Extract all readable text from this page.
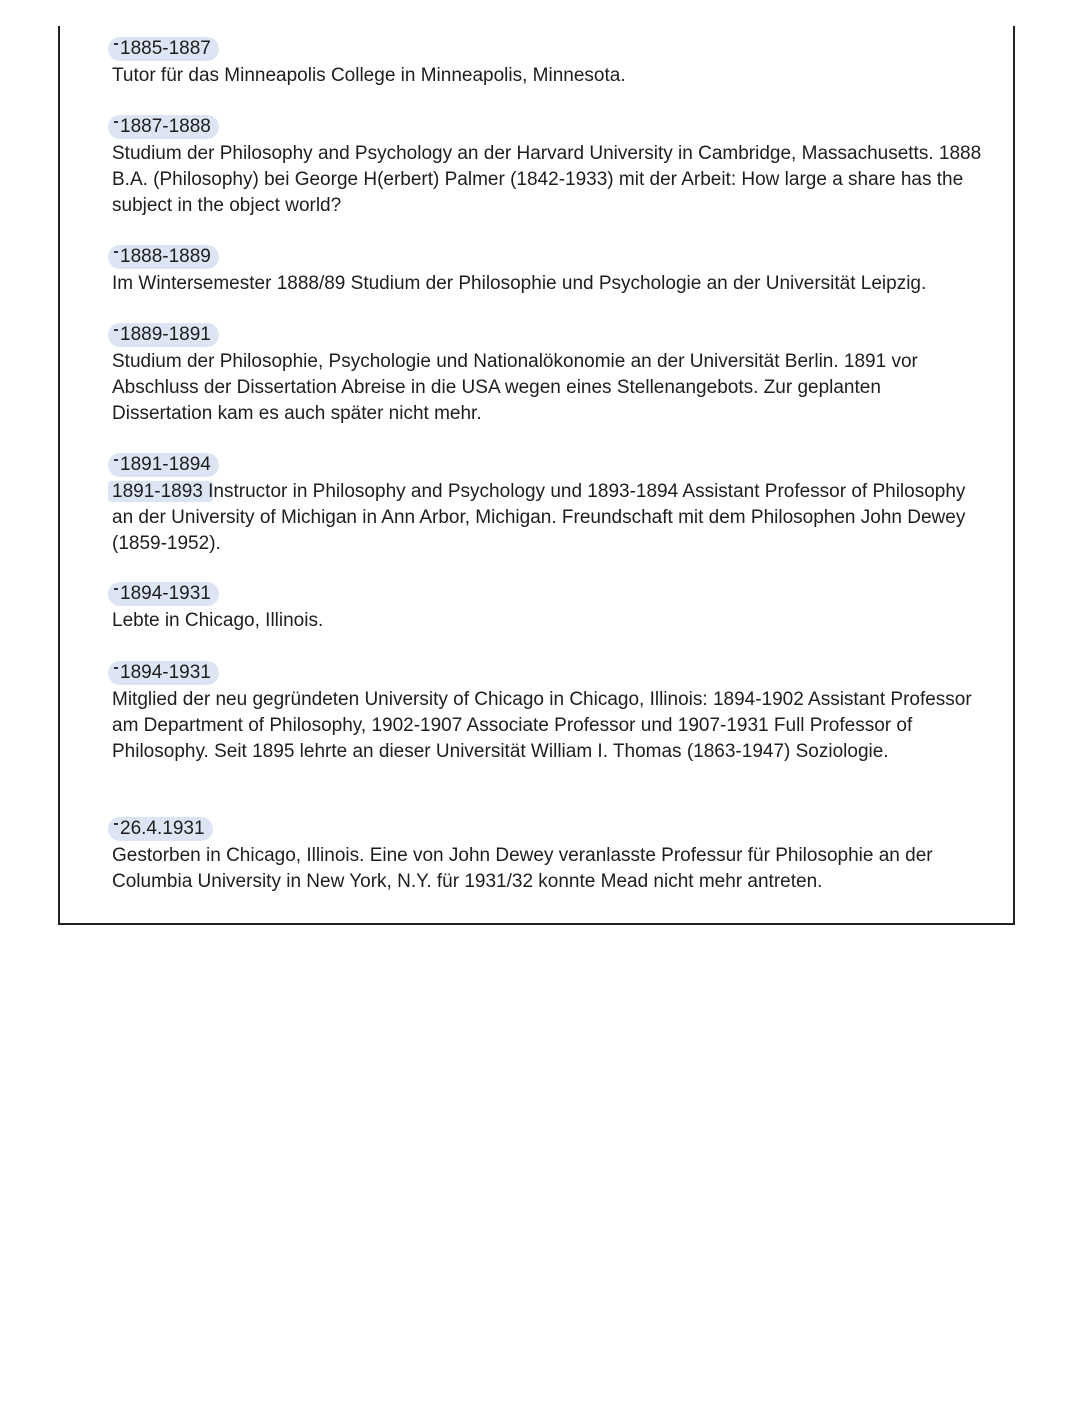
1885-1887
Tutor für das Minneapolis College in Minneapolis, Minnesota.
1887-1888
Studium der Philosophy and Psychology an der Harvard University in Cambridge, Massachusetts. 1888 B.A. (Philosophy) bei George H(erbert) Palmer (1842-1933) mit der Arbeit: How large a share has the subject in the object world?
1888-1889
Im Wintersemester 1888/89 Studium der Philosophie und Psychologie an der Universität Leipzig.
1889-1891
Studium der Philosophie, Psychologie und Nationalökonomie an der Universität Berlin. 1891 vor Abschluss der Dissertation Abreise in die USA wegen eines Stellenangebots. Zur geplanten Dissertation kam es auch später nicht mehr.
1891-1894
1891-1893 Instructor in Philosophy and Psychology und 1893-1894 Assistant Professor of Philosophy an der University of Michigan in Ann Arbor, Michigan. Freundschaft mit dem Philosophen John Dewey (1859-1952).
1894-1931
Lebte in Chicago, Illinois.
1894-1931
Mitglied der neu gegründeten University of Chicago in Chicago, Illinois: 1894-1902 Assistant Professor am Department of Philosophy, 1902-1907 Associate Professor und 1907-1931 Full Professor of Philosophy. Seit 1895 lehrte an dieser Universität William I. Thomas (1863-1947) Soziologie.
26.4.1931
Gestorben in Chicago, Illinois. Eine von John Dewey veranlasste Professur für Philosophie an der Columbia University in New York, N.Y. für 1931/32 konnte Mead nicht mehr antreten.
